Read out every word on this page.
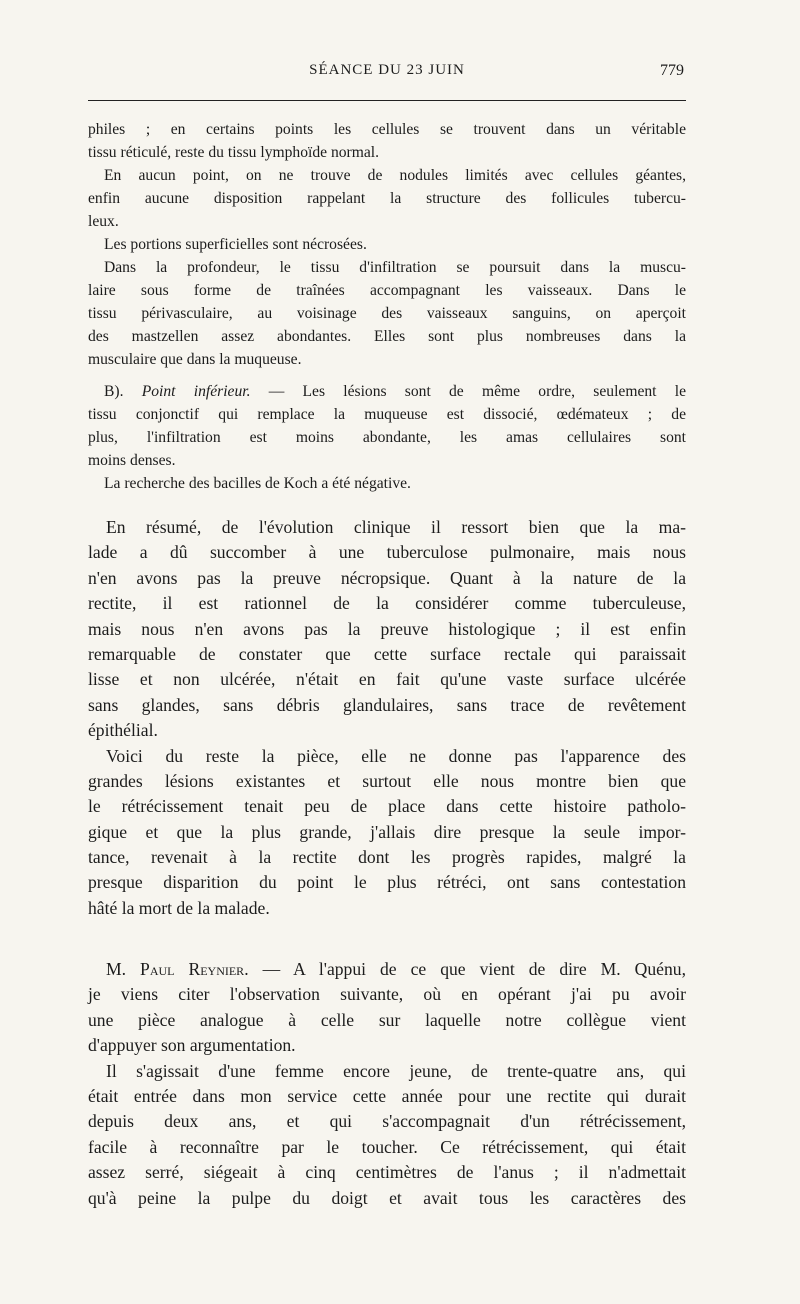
SÉANCE DU 23 JUIN	779
philes ; en certains points les cellules se trouvent dans un véritable
tissu réticulé, reste du tissu lymphoïde normal.
En aucun point, on ne trouve de nodules limités avec cellules géantes,
enfin aucune disposition rappelant la structure des follicules tubercu-
leux.
Les portions superficielles sont nécrosées.
Dans la profondeur, le tissu d'infiltration se poursuit dans la muscu-
laire sous forme de traînées accompagnant les vaisseaux. Dans le
tissu périvasculaire, au voisinage des vaisseaux sanguins, on aperçoit
des mastzellen assez abondantes. Elles sont plus nombreuses dans la
musculaire que dans la muqueuse.
B). Point inférieur. — Les lésions sont de même ordre, seulement le
tissu conjonctif qui remplace la muqueuse est dissocié, œdémateux ; de
plus, l'infiltration est moins abondante, les amas cellulaires sont
moins denses.
La recherche des bacilles de Koch a été négative.
En résumé, de l'évolution clinique il ressort bien que la ma-
lade a dû succomber à une tuberculose pulmonaire, mais nous
n'en avons pas la preuve nécropsique. Quant à la nature de la
rectite, il est rationnel de la considérer comme tuberculeuse,
mais nous n'en avons pas la preuve histologique ; il est enfin
remarquable de constater que cette surface rectale qui paraissait
lisse et non ulcérée, n'était en fait qu'une vaste surface ulcérée
sans glandes, sans débris glandulaires, sans trace de revêtement
épithélial.
Voici du reste la pièce, elle ne donne pas l'apparence des
grandes lésions existantes et surtout elle nous montre bien que
le rétrécissement tenait peu de place dans cette histoire patholo-
gique et que la plus grande, j'allais dire presque la seule impor-
tance, revenait à la rectite dont les progrès rapides, malgré la
presque disparition du point le plus rétréci, ont sans contestation
hâté la mort de la malade.
M. Paul Reynier. — A l'appui de ce que vient de dire M. Quénu,
je viens citer l'observation suivante, où en opérant j'ai pu avoir
une pièce analogue à celle sur laquelle notre collègue vient
d'appuyer son argumentation.
Il s'agissait d'une femme encore jeune, de trente-quatre ans, qui
était entrée dans mon service cette année pour une rectite qui durait
depuis deux ans, et qui s'accompagnait d'un rétrécissement,
facile à reconnaître par le toucher. Ce rétrécissement, qui était
assez serré, siégeait à cinq centimètres de l'anus ; il n'admettait
qu'à peine la pulpe du doigt et avait tous les caractères des
